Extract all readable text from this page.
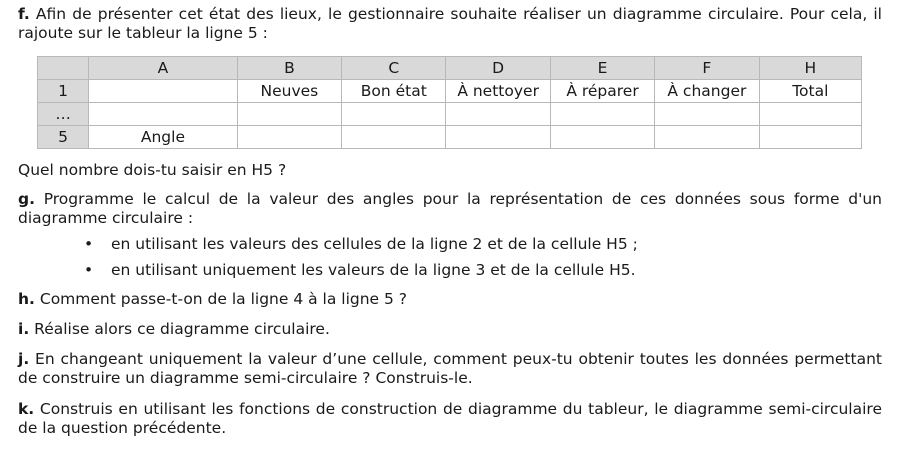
f. Afin de présenter cet état des lieux, le gestionnaire souhaite réaliser un diagramme circulaire. Pour cela, il rajoute sur le tableur la ligne 5 :

	A	B	C	D	E	F	H
1		Neuves	Bon état	À nettoyer	À réparer	À changer	Total
…							
5	Angle						

Quel nombre dois-tu saisir en H5 ?

g. Programme le calcul de la valeur des angles pour la représentation de ces données sous forme d'un diagramme circulaire :

• en utilisant les valeurs des cellules de la ligne 2 et de la cellule H5 ;
• en utilisant uniquement les valeurs de la ligne 3 et de la cellule H5.

h. Comment passe-t-on de la ligne 4 à la ligne 5 ?

i. Réalise alors ce diagramme circulaire.

j. En changeant uniquement la valeur d’une cellule, comment peux-tu obtenir toutes les données permettant de construire un diagramme semi-circulaire ? Construis-le.

k. Construis en utilisant les fonctions de construction de diagramme du tableur, le diagramme semi-circulaire de la question précédente.
